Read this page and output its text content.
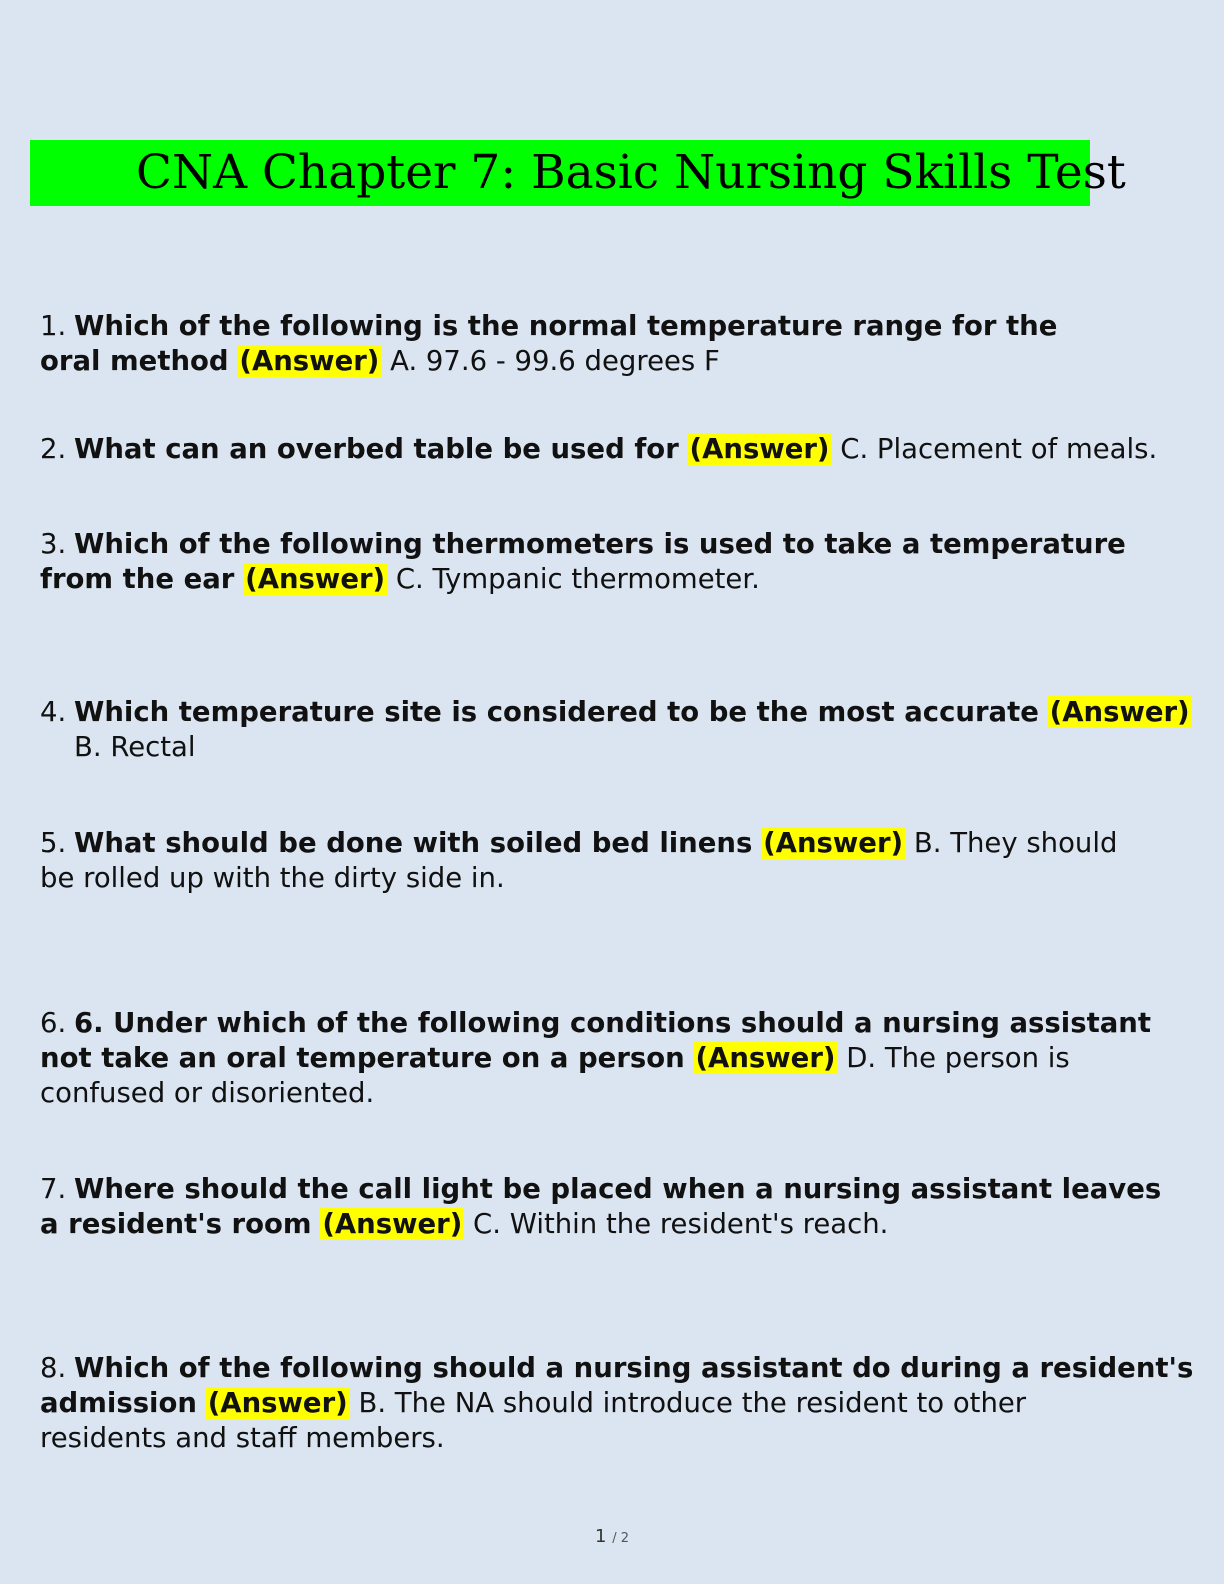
CNA Chapter 7: Basic Nursing Skills Test
1. Which of the following is the normal temperature range for the
oral method (Answer) A. 97.6 - 99.6 degrees F
2. What can an overbed table be used for (Answer) C. Placement of meals.
3. Which of the following thermometers is used to take a temperature
from the ear (Answer) C. Tympanic thermometer.
4. Which temperature site is considered to be the most accurate (Answer)
B. Rectal
5. What should be done with soiled bed linens (Answer) B. They should
be rolled up with the dirty side in.
6. 6. Under which of the following conditions should a nursing assistant
not take an oral temperature on a person (Answer) D. The person is
confused or disoriented.
7. Where should the call light be placed when a nursing assistant leaves
a resident's room (Answer) C. Within the resident's reach.
8. Which of the following should a nursing assistant do during a resident's
admission (Answer) B. The NA should introduce the resident to other
residents and staff members.
1 / 2
